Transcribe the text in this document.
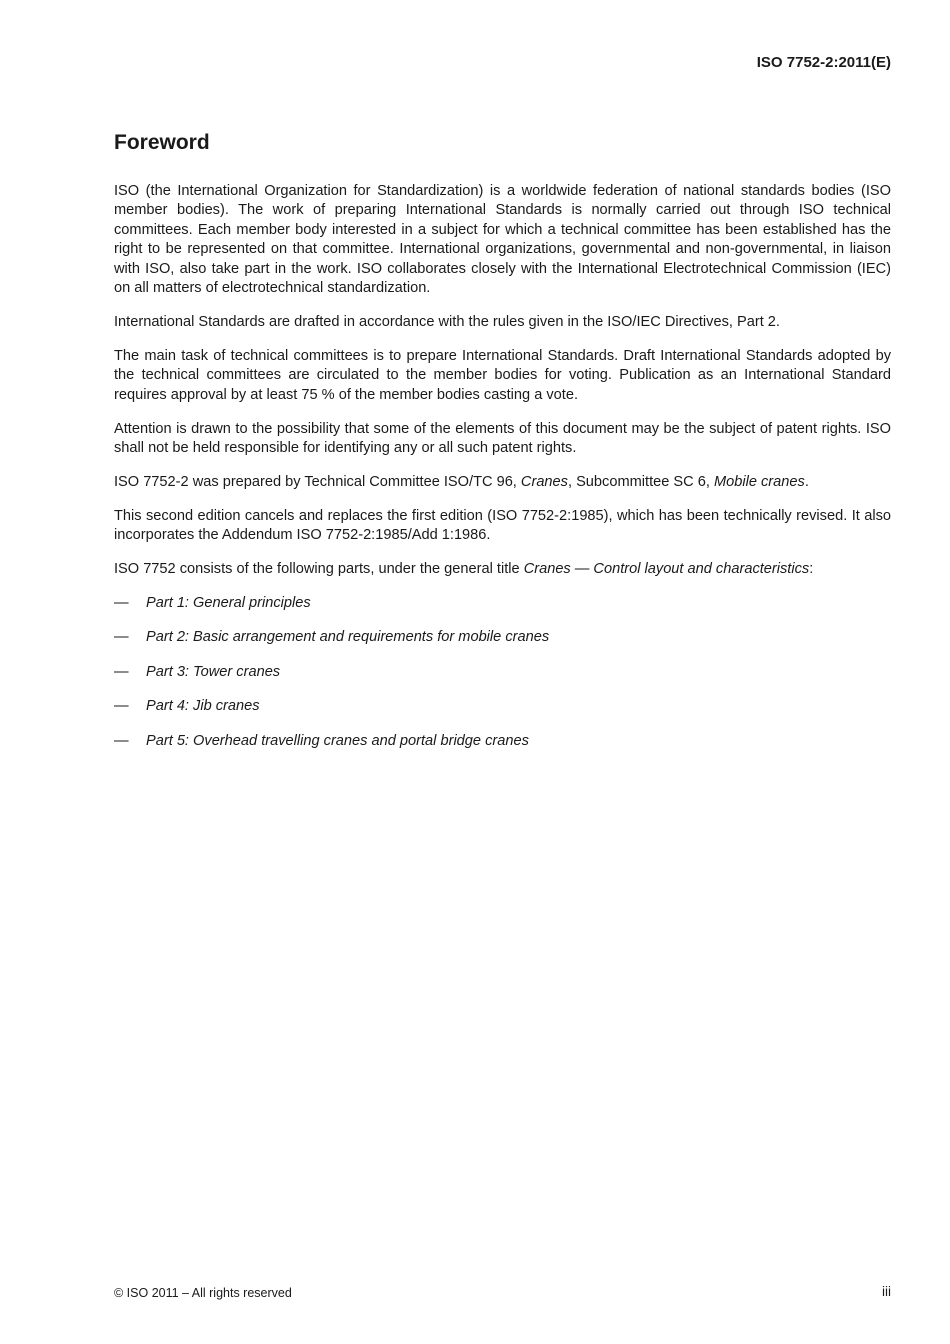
ISO 7752-2:2011(E)
Foreword

ISO (the International Organization for Standardization) is a worldwide federation of national standards bodies (ISO member bodies). The work of preparing International Standards is normally carried out through ISO technical committees. Each member body interested in a subject for which a technical committee has been established has the right to be represented on that committee. International organizations, governmental and non-governmental, in liaison with ISO, also take part in the work. ISO collaborates closely with the International Electrotechnical Commission (IEC) on all matters of electrotechnical standardization.

International Standards are drafted in accordance with the rules given in the ISO/IEC Directives, Part 2.

The main task of technical committees is to prepare International Standards. Draft International Standards adopted by the technical committees are circulated to the member bodies for voting. Publication as an International Standard requires approval by at least 75 % of the member bodies casting a vote.

Attention is drawn to the possibility that some of the elements of this document may be the subject of patent rights. ISO shall not be held responsible for identifying any or all such patent rights.

ISO 7752-2 was prepared by Technical Committee ISO/TC 96, Cranes, Subcommittee SC 6, Mobile cranes.

This second edition cancels and replaces the first edition (ISO 7752-2:1985), which has been technically revised. It also incorporates the Addendum ISO 7752-2:1985/Add 1:1986.

ISO 7752 consists of the following parts, under the general title Cranes — Control layout and characteristics:

— Part 1: General principles
— Part 2: Basic arrangement and requirements for mobile cranes
— Part 3: Tower cranes
— Part 4: Jib cranes
— Part 5: Overhead travelling cranes and portal bridge cranes
© ISO 2011 – All rights reserved	iii
